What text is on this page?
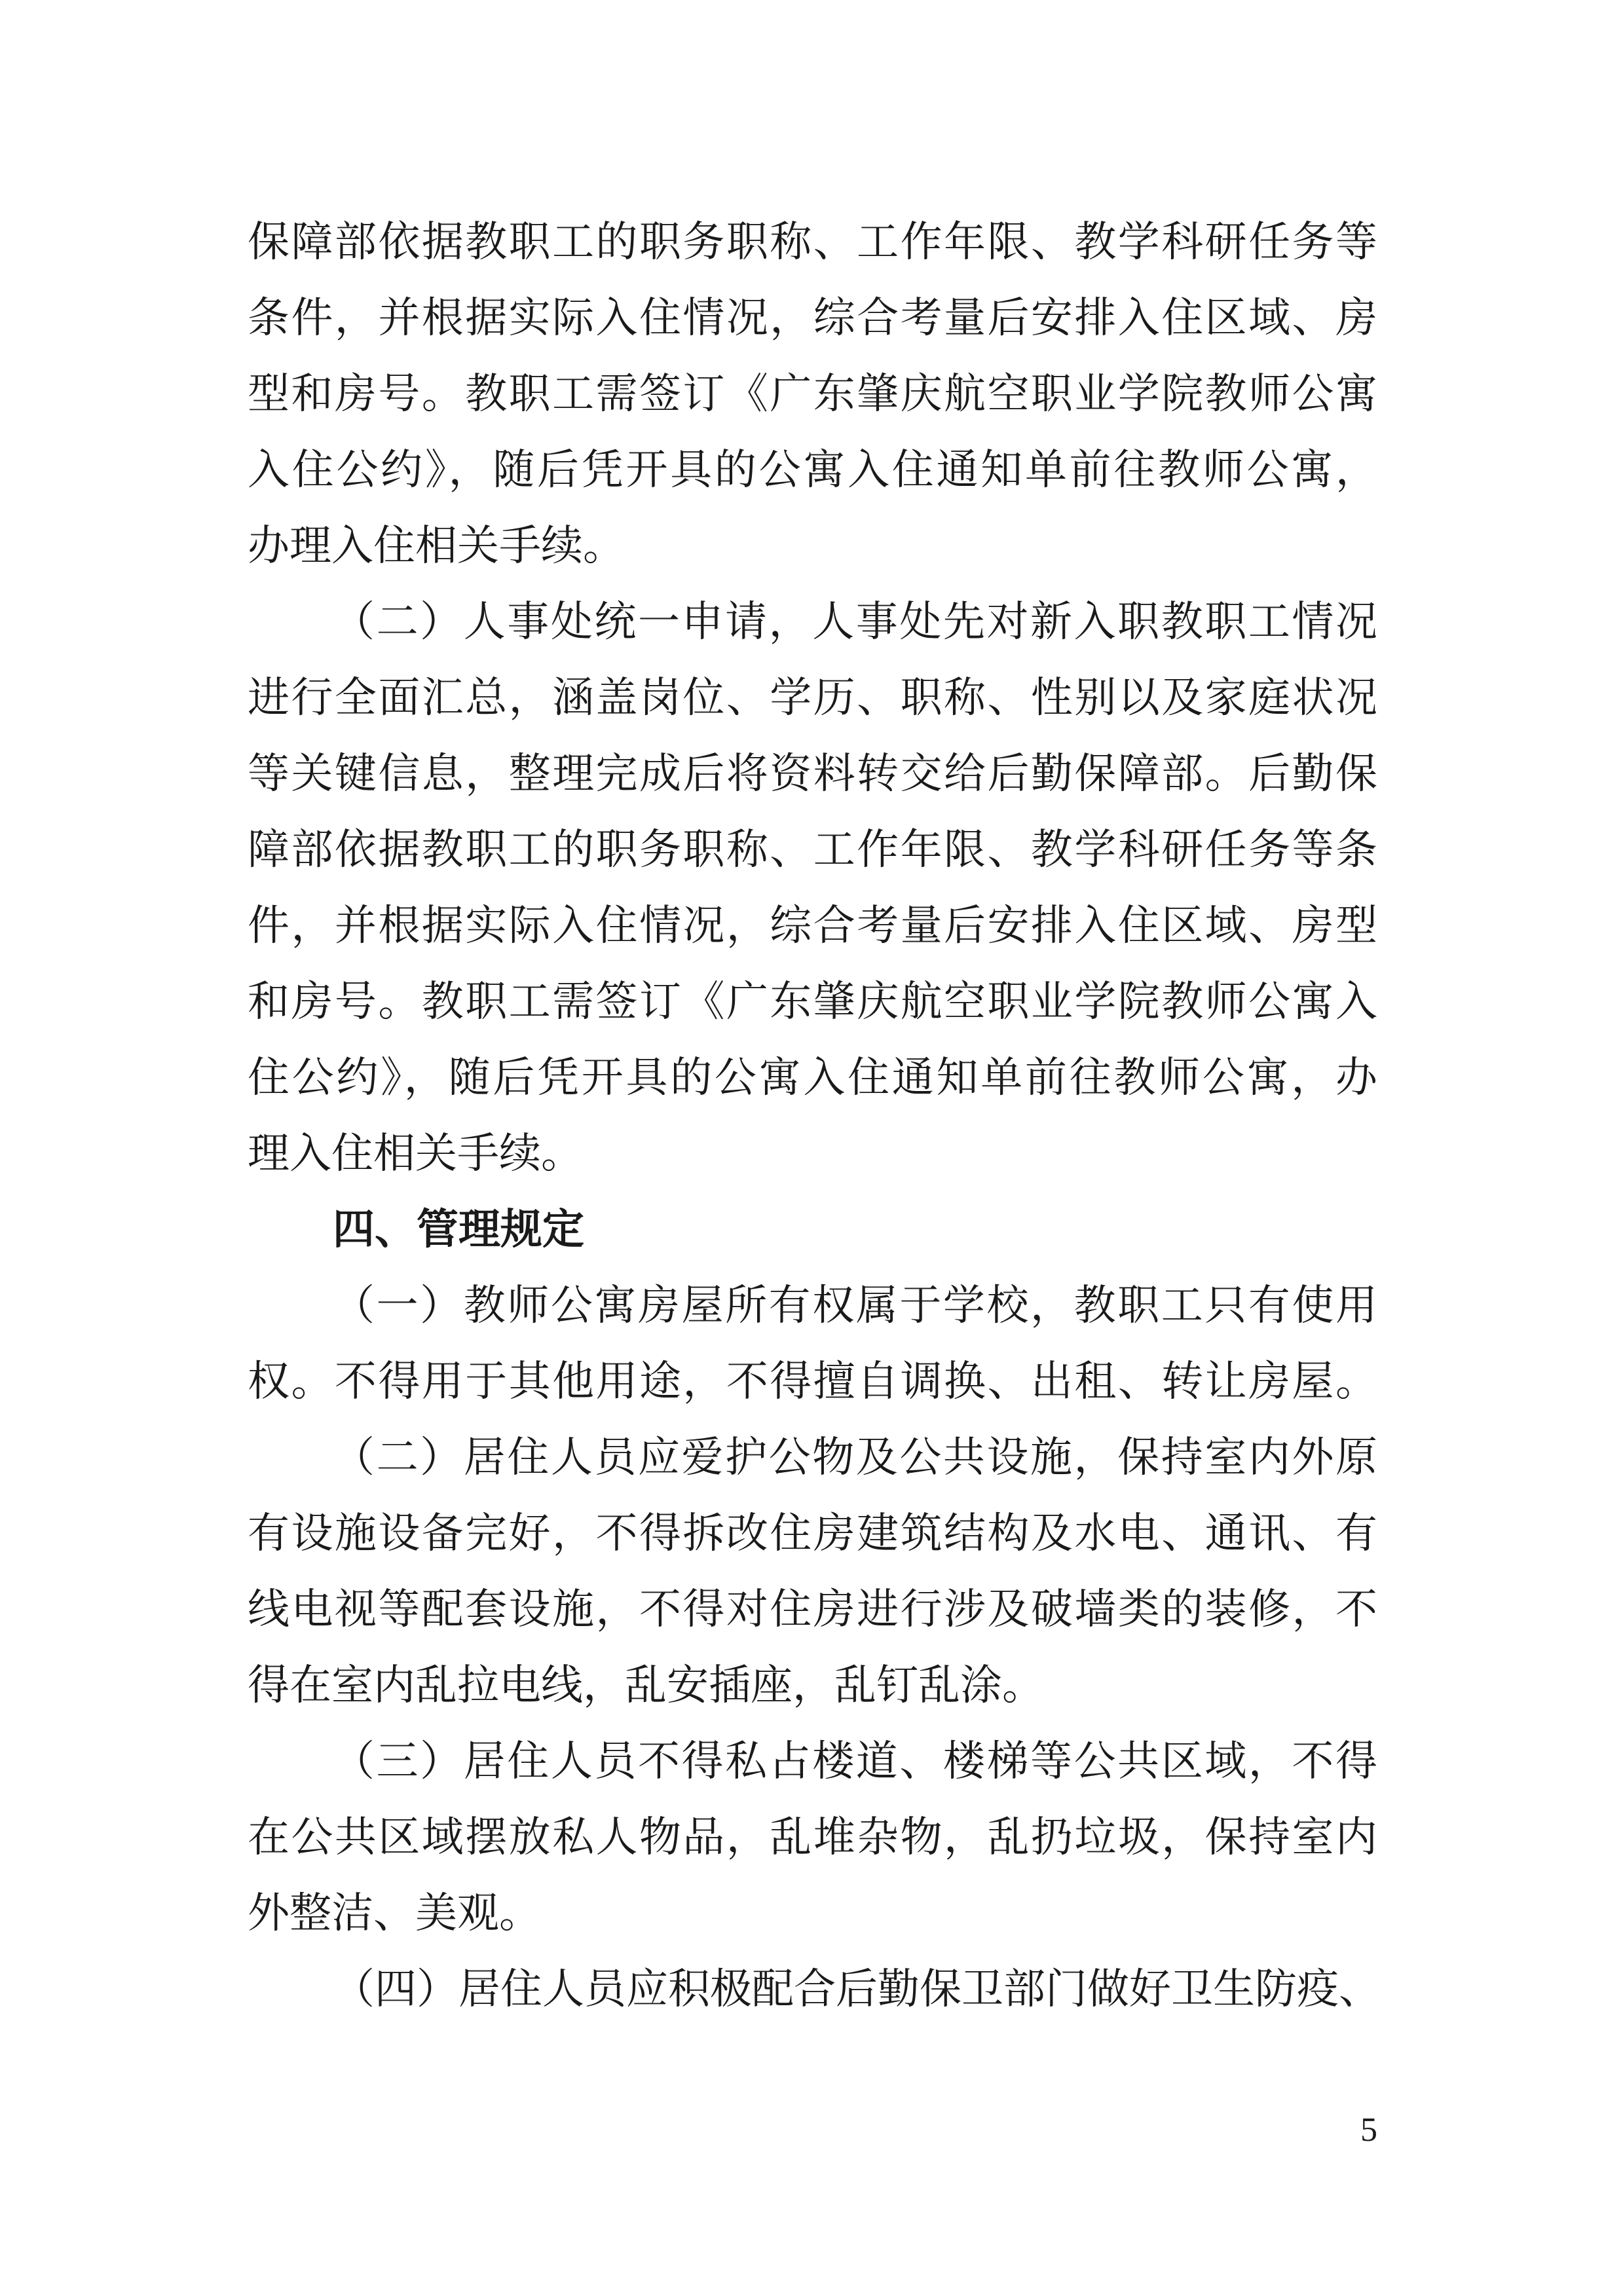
保障部依据教职工的职务职称、工作年限、教学科研任务等
条件，并根据实际入住情况，综合考量后安排入住区域、房
型和房号。教职工需签订《广东肇庆航空职业学院教师公寓
入住公约》，随后凭开具的公寓入住通知单前往教师公寓，
办理入住相关手续。
（二）人事处统一申请，人事处先对新入职教职工情况
进行全面汇总，涵盖岗位、学历、职称、性别以及家庭状况
等关键信息，整理完成后将资料转交给后勤保障部。后勤保
障部依据教职工的职务职称、工作年限、教学科研任务等条
件，并根据实际入住情况，综合考量后安排入住区域、房型
和房号。教职工需签订《广东肇庆航空职业学院教师公寓入
住公约》，随后凭开具的公寓入住通知单前往教师公寓，办
理入住相关手续。
四、管理规定
（一）教师公寓房屋所有权属于学校，教职工只有使用
权。不得用于其他用途，不得擅自调换、出租、转让房屋。
（二）居住人员应爱护公物及公共设施，保持室内外原
有设施设备完好，不得拆改住房建筑结构及水电、通讯、有
线电视等配套设施，不得对住房进行涉及破墙类的装修，不
得在室内乱拉电线，乱安插座，乱钉乱涂。
（三）居住人员不得私占楼道、楼梯等公共区域，不得
在公共区域摆放私人物品，乱堆杂物，乱扔垃圾，保持室内
外整洁、美观。
（四）居住人员应积极配合后勤保卫部门做好卫生防疫、
5
